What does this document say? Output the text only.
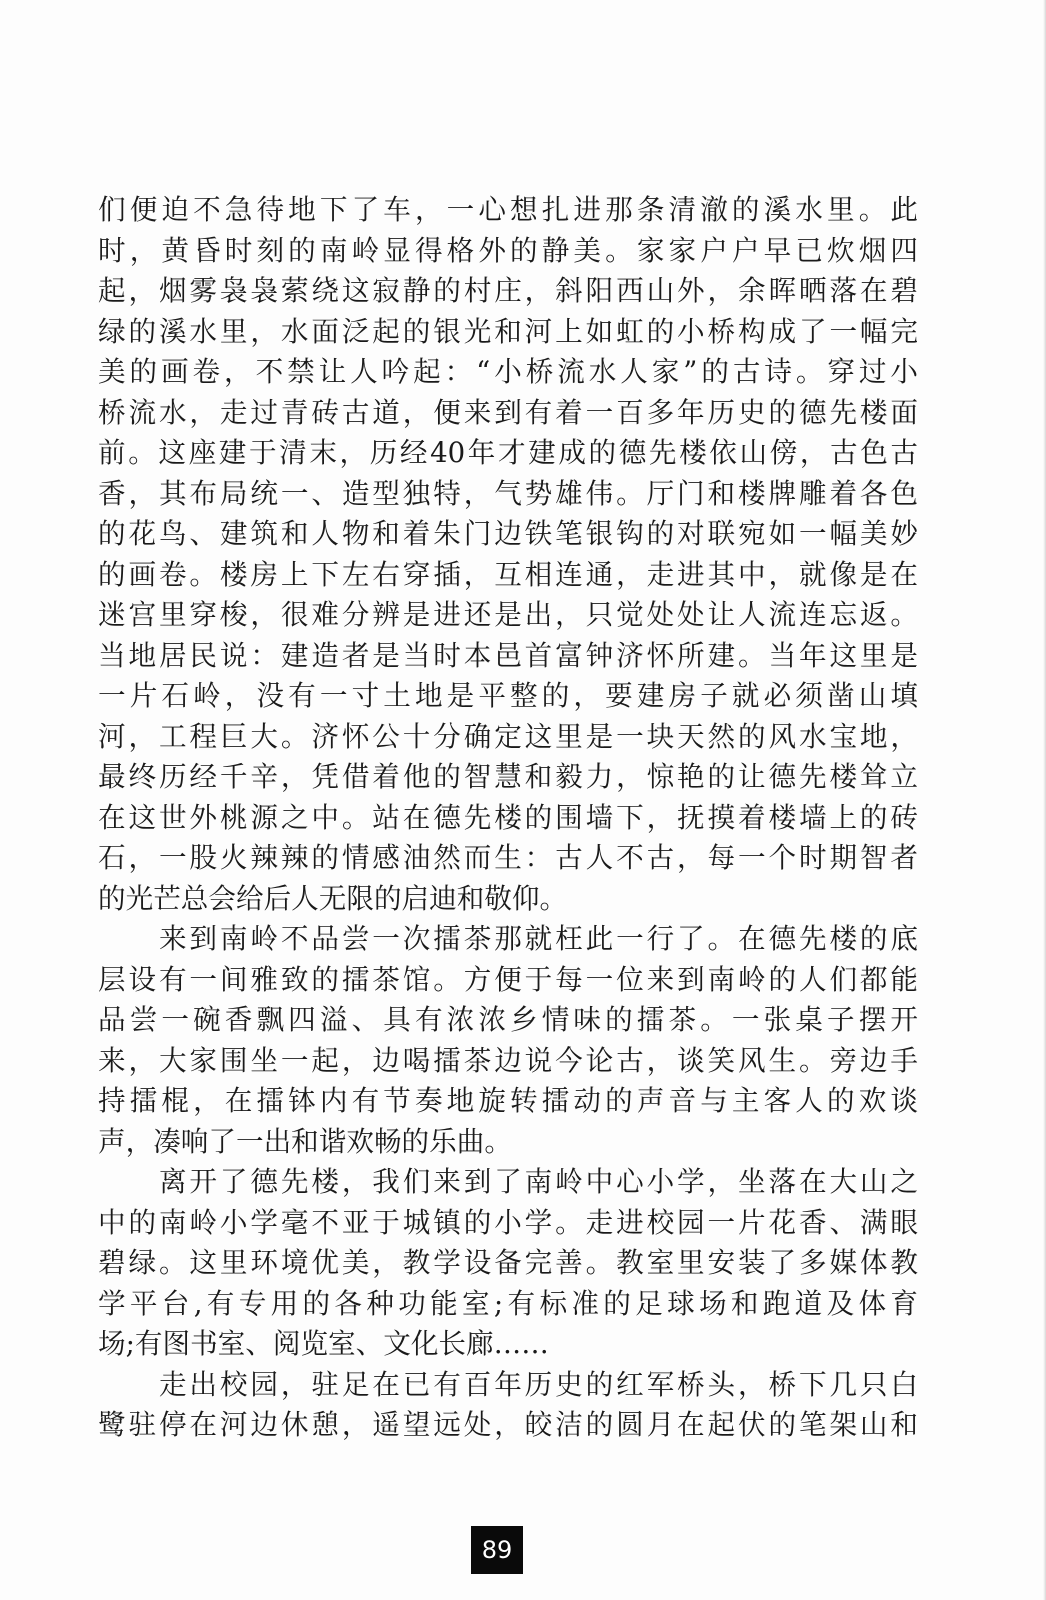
们便迫不急待地下了车，一心想扎进那条清澈的溪水里。此
时，黄昏时刻的南岭显得格外的静美。家家户户早已炊烟四
起，烟雾袅袅萦绕这寂静的村庄，斜阳西山外，余晖晒落在碧
绿的溪水里，水面泛起的银光和河上如虹的小桥构成了一幅完
美的画卷，不禁让人吟起：“小桥流水人家”的古诗。穿过小
桥流水，走过青砖古道，便来到有着一百多年历史的德先楼面
前。这座建于清末，历经40年才建成的德先楼依山傍，古色古
香，其布局统一、造型独特，气势雄伟。厅门和楼牌雕着各色
的花鸟、建筑和人物和着朱门边铁笔银钩的对联宛如一幅美妙
的画卷。楼房上下左右穿插，互相连通，走进其中，就像是在
迷宫里穿梭，很难分辨是进还是出，只觉处处让人流连忘返。
当地居民说：建造者是当时本邑首富钟济怀所建。当年这里是
一片石岭，没有一寸土地是平整的，要建房子就必须凿山填
河，工程巨大。济怀公十分确定这里是一块天然的风水宝地，
最终历经千辛，凭借着他的智慧和毅力，惊艳的让德先楼耸立
在这世外桃源之中。站在德先楼的围墙下，抚摸着楼墙上的砖
石，一股火辣辣的情感油然而生：古人不古，每一个时期智者
的光芒总会给后人无限的启迪和敬仰。
　　来到南岭不品尝一次擂茶那就枉此一行了。在德先楼的底
层设有一间雅致的擂茶馆。方便于每一位来到南岭的人们都能
品尝一碗香飘四溢、具有浓浓乡情味的擂茶。一张桌子摆开
来，大家围坐一起，边喝擂茶边说今论古，谈笑风生。旁边手
持擂棍，在擂钵内有节奏地旋转擂动的声音与主客人的欢谈
声，凑响了一出和谐欢畅的乐曲。
　　离开了德先楼，我们来到了南岭中心小学，坐落在大山之
中的南岭小学毫不亚于城镇的小学。走进校园一片花香、满眼
碧绿。这里环境优美，教学设备完善。教室里安装了多媒体教
学平台,有专用的各种功能室;有标准的足球场和跑道及体育
场;有图书室、阅览室、文化长廊……
　　走出校园，驻足在已有百年历史的红军桥头，桥下几只白
鹭驻停在河边休憩，遥望远处，皎洁的圆月在起伏的笔架山和
89
